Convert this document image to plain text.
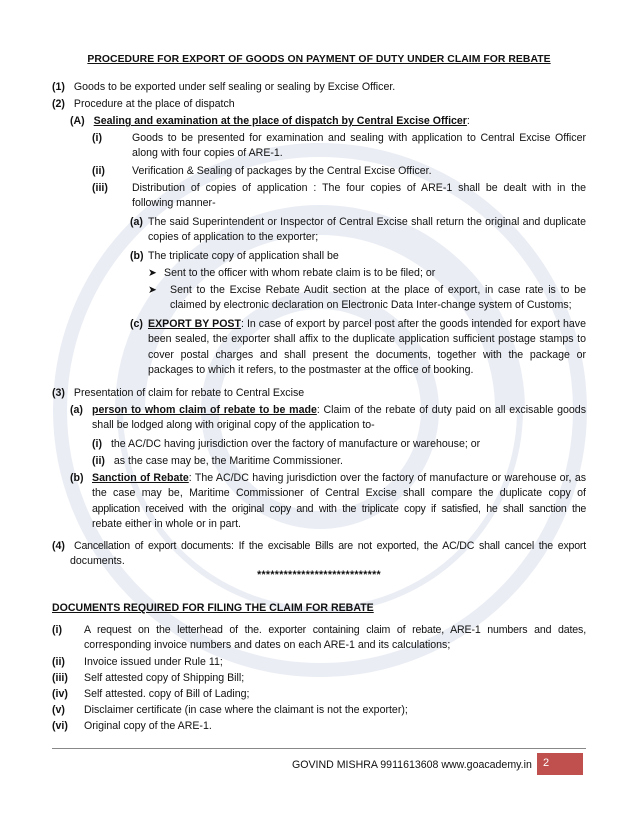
PROCEDURE FOR EXPORT OF GOODS ON PAYMENT OF DUTY UNDER CLAIM FOR REBATE
(1) Goods to be exported under self sealing or sealing by Excise Officer.
(2) Procedure at the place of dispatch
(A) Sealing and examination at the place of dispatch by Central Excise Officer:
(i)	Goods to be presented for examination and sealing with application to Central Excise Officer
along with four copies of ARE-1.
(ii)	Verification & Sealing of packages by the Central Excise Officer.
(iii) Distribution of copies of application : The four copies of ARE-1 shall be dealt with in the
following manner-
(a) The said Superintendent or Inspector of Central Excise shall return the original and duplicate
copies of application to the exporter;
(b) The triplicate copy of application shall be
➤ Sent to the officer with whom rebate claim is to be filed; or
➤	Sent to the Excise Rebate Audit section at the place of export, in case rate is to be
claimed by electronic declaration on Electronic Data Inter-change system of Customs;
(c) EXPORT BY POST: In case of export by parcel post after the goods intended for export have
been sealed, the exporter shall affix to the duplicate application sufficient postage stamps to
cover postal charges and shall present the documents, together with the package or
packages to which it refers, to the postmaster at the office of booking.
(3) Presentation of claim for rebate to Central Excise
(a) person to whom claim of rebate to be made: Claim of the rebate of duty paid on all excisable goods
shall be lodged along with original copy of the application to-
(i) the AC/DC having jurisdiction over the factory of manufacture or warehouse; or
(ii) as the case may be, the Maritime Commissioner.
(b) Sanction of Rebate: The AC/DC having jurisdiction over the factory of manufacture or warehouse or, as
the case may be, Maritime Commissioner of Central Excise shall compare the duplicate copy of
application received with the original copy and with the triplicate copy if satisfied, he shall sanction the
rebate either in whole or in part.
(4) Cancellation of export documents: If the excisable Bills are not exported, the AC/DC shall cancel the export
documents.
****************************
DOCUMENTS REQUIRED FOR FILING THE CLAIM FOR REBATE
(i) A request on the letterhead of the. exporter containing claim of rebate, ARE-1 numbers and dates,
corresponding invoice numbers and dates on each ARE-1 and its calculations;
(ii) Invoice issued under Rule 11;
(iii) Self attested copy of Shipping Bill;
(iv) Self attested. copy of Bill of Lading;
(v) Disclaimer certificate (in case where the claimant is not the exporter);
(vi) Original copy of the ARE-1.
GOVIND MISHRA 9911613608 www.goacademy.in	2
